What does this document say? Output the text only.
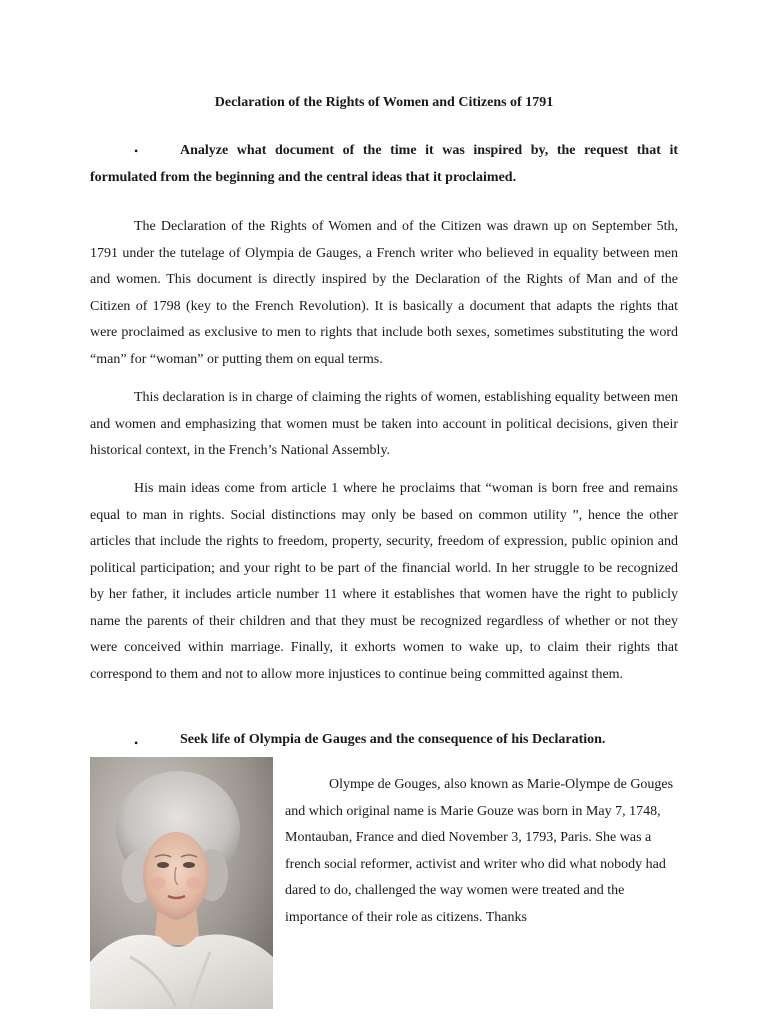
Declaration of the Rights of Women and Citizens of 1791
•	Analyze what document of the time it was inspired by, the request that it formulated from the beginning and the central ideas that it proclaimed.
The Declaration of the Rights of Women and of the Citizen was drawn up on September 5th, 1791 under the tutelage of Olympia de Gauges, a French writer who believed in equality between men and women. This document is directly inspired by the Declaration of the Rights of Man and of the Citizen of 1798 (key to the French Revolution). It is basically a document that adapts the rights that were proclaimed as exclusive to men to rights that include both sexes, sometimes substituting the word “man” for “woman” or putting them on equal terms.
This declaration is in charge of claiming the rights of women, establishing equality between men and women and emphasizing that women must be taken into account in political decisions, given their historical context, in the French’s National Assembly.
His main ideas come from article 1 where he proclaims that “woman is born free and remains equal to man in rights. Social distinctions may only be based on common utility ”, hence the other articles that include the rights to freedom, property, security, freedom of expression, public opinion and political participation; and your right to be part of the financial world. In her struggle to be recognized by her father, it includes article number 11 where it establishes that women have the right to publicly name the parents of their children and that they must be recognized regardless of whether or not they were conceived within marriage. Finally, it exhorts women to wake up, to claim their rights that correspond to them and not to allow more injustices to continue being committed against them.
•	Seek life of Olympia de Gauges and the consequence of his Declaration.
Olympe de Gouges, also known as Marie-Olympe de Gouges and which original name is Marie Gouze was born in May 7, 1748, Montauban, France and died November 3, 1793, Paris. She was a french social reformer, activist and writer who did what nobody had dared to do, challenged the way women were treated and the importance of their role as citizens. Thanks
